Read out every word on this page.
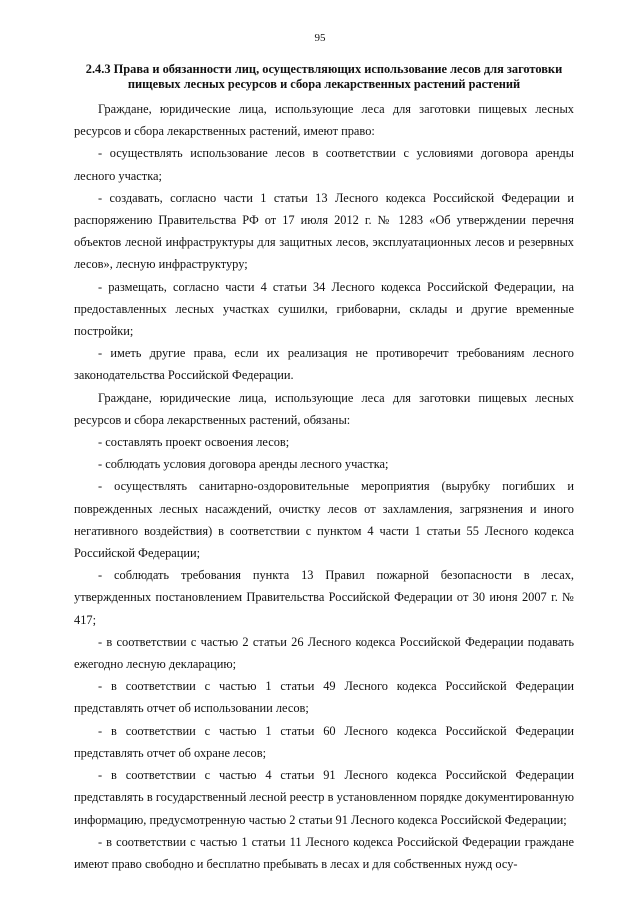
95
2.4.3 Права и обязанности лиц, осуществляющих использование лесов для заготовки пищевых лесных ресурсов и сбора лекарственных растений растений

Граждане, юридические лица, использующие леса для заготовки пищевых лесных ресурсов и сбора лекарственных растений, имеют право:

- осуществлять использование лесов в соответствии с условиями договора аренды лесного участка;

- создавать, согласно части 1 статьи 13 Лесного кодекса Российской Федерации и распоряжению Правительства РФ от 17 июля 2012 г. № 1283 «Об утверждении перечня объектов лесной инфраструктуры для защитных лесов, эксплуатационных лесов и резервных лесов», лесную инфраструктуру;

- размещать, согласно части 4 статьи 34 Лесного кодекса Российской Федерации, на предоставленных лесных участках сушилки, грибоварни, склады и другие временные постройки;

- иметь другие права, если их реализация не противоречит требованиям лесного законодательства Российской Федерации.

Граждане, юридические лица, использующие леса для заготовки пищевых лесных ресурсов и сбора лекарственных растений, обязаны:

- составлять проект освоения лесов;

- соблюдать условия договора аренды лесного участка;

- осуществлять санитарно-оздоровительные мероприятия (вырубку погибших и поврежденных лесных насаждений, очистку лесов от захламления, загрязнения и иного негативного воздействия) в соответствии с пунктом 4 части 1 статьи 55 Лесного кодекса Российской Федерации;

- соблюдать требования пункта 13 Правил пожарной безопасности в лесах, утвержденных постановлением Правительства Российской Федерации от 30 июня 2007 г. № 417;

- в соответствии с частью 2 статьи 26 Лесного кодекса Российской Федерации подавать ежегодно лесную декларацию;

- в соответствии с частью 1 статьи 49 Лесного кодекса Российской Федерации представлять отчет об использовании лесов;

- в соответствии с частью 1 статьи 60 Лесного кодекса Российской Федерации представлять отчет об охране лесов;

- в соответствии с частью 4 статьи 91 Лесного кодекса Российской Федерации представлять в государственный лесной реестр в установленном порядке документированную информацию, предусмотренную частью 2 статьи 91 Лесного кодекса Российской Федерации;

- в соответствии с частью 1 статьи 11 Лесного кодекса Российской Федерации граждане имеют право свободно и бесплатно пребывать в лесах и для собственных нужд осу-
